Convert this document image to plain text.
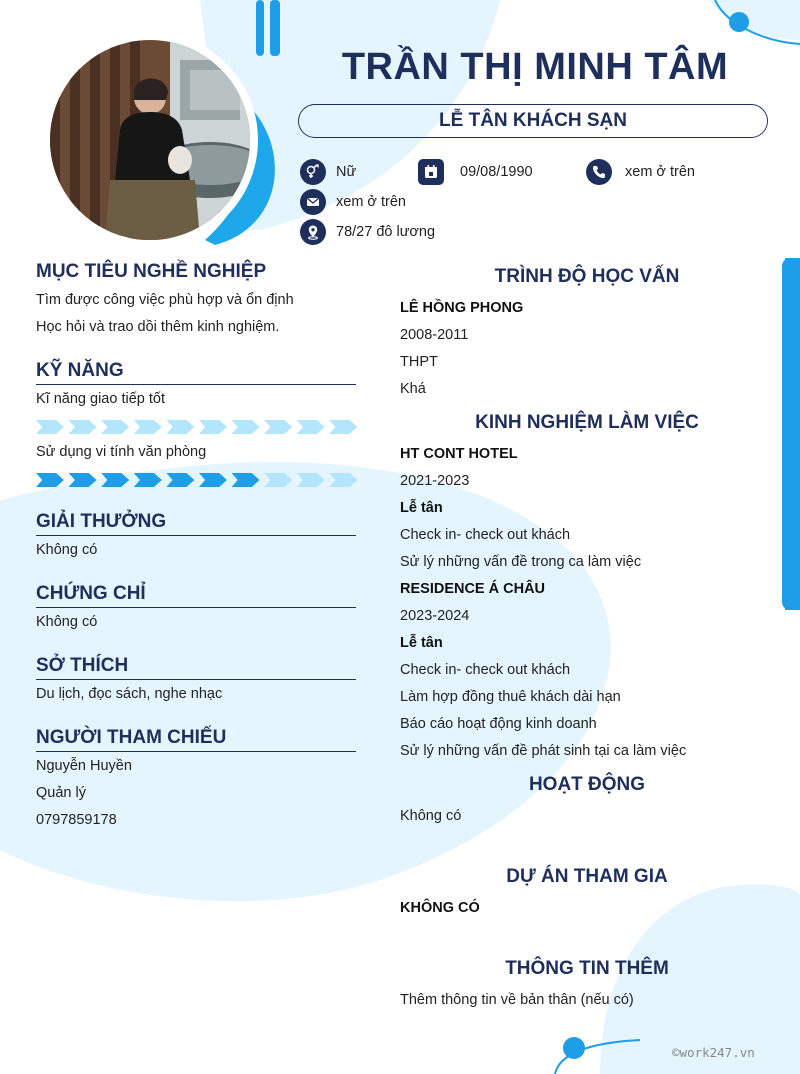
TRẦN THỊ MINH TÂM
LỄ TÂN KHÁCH SẠN
Nữ	09/08/1990	xem ở trên
xem ở trên
78/27 đô lương
MỤC TIÊU NGHỀ NGHIỆP
Tìm được công việc phù hợp và ổn định
Học hỏi và trao dồi thêm kinh nghiệm.
KỸ NĂNG
Kĩ năng giao tiếp tốt
Sử dụng vi tính văn phòng
GIẢI THƯỞNG
Không có
CHỨNG CHỈ
Không có
SỞ THÍCH
Du lịch, đọc sách, nghe nhạc
NGƯỜI THAM CHIẾU
Nguyễn Huyền
Quản lý
0797859178
TRÌNH ĐỘ HỌC VẤN
LÊ HỒNG PHONG
2008-2011
THPT
Khá
KINH NGHIỆM LÀM VIỆC
HT CONT HOTEL
2021-2023
Lễ tân
Check in- check out khách
Sử lý những vấn đề trong ca làm việc
RESIDENCE Á CHÂU
2023-2024
Lễ tân
Check in- check out khách
Làm hợp đồng thuê khách dài hạn
Báo cáo hoạt động kinh doanh
Sử lý những vấn đề phát sinh tại ca làm việc
HOẠT ĐỘNG
Không có
DỰ ÁN THAM GIA
KHÔNG CÓ
THÔNG TIN THÊM
Thêm thông tin về bản thân (nếu có)
©work247.vn
